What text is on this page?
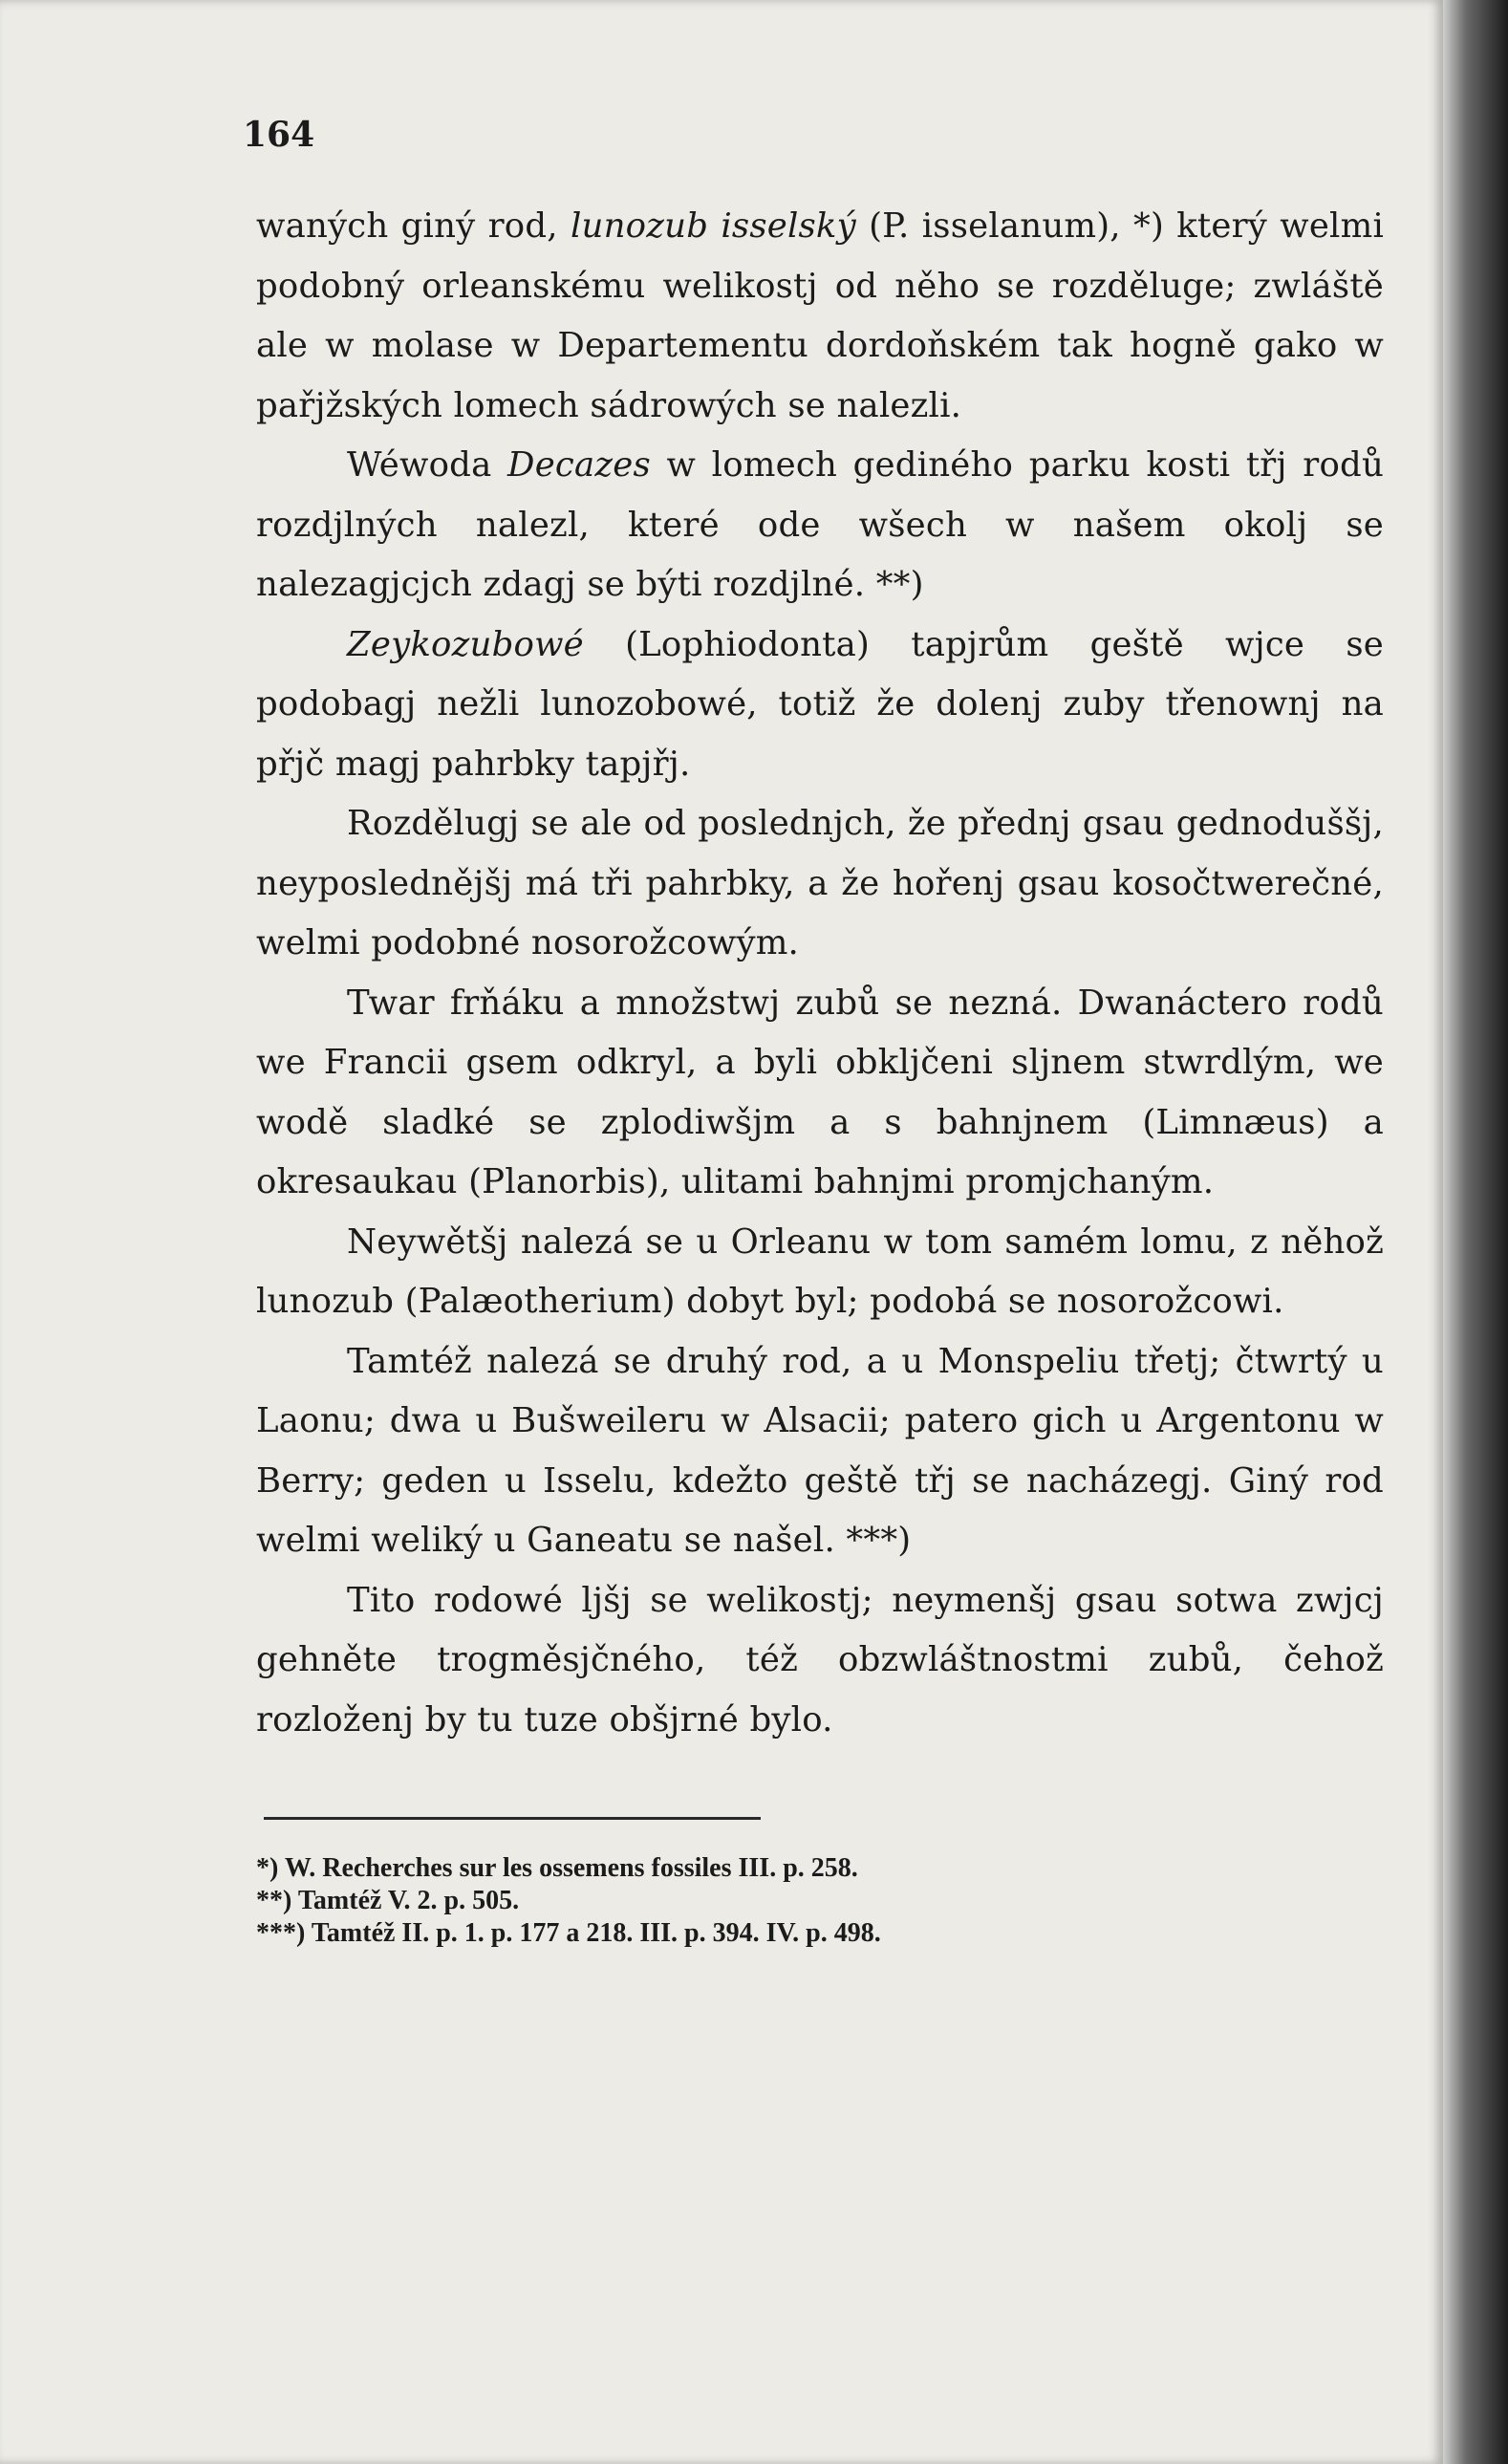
164

waných giný rod, lunozub isselský (P. isselanum), *) který welmi podobný orleanskému welikostj od něho se rozděluge; zwláště ale w molase w Departementu dordoňském tak hogně gako w pařjžských lomech sádrowých se nalezli.

Wéwoda Decazes w lomech gediného parku kosti třj rodů rozdjlných nalezl, které ode wšech w našem okolj se nalezagjcjch zdagj se býti rozdjlné. **)

Zeykozubowé (Lophiodonta) tapjrům geště wjce se podobagj nežli lunozobowé, totiž že dolenj zuby třenownj na přjč magj pahrbky tapjřj.

Rozdělugj se ale od poslednjch, že přednj gsau gednoduššj, neyposlednějšj má tři pahrbky, a že hořenj gsau kosočtwerečné, welmi podobné nosorožcowým.

Twar frňáku a množstwj zubů se nezná. Dwanáctero rodů we Francii gsem odkryl, a byli obkljčeni sljnem stwrdlým, we wodě sladké se zplodiwšjm a s bahnjnem (Limnæus) a okresaukau (Planorbis), ulitami bahnjmi promjchaným.

Neywětšj nalezá se u Orleanu w tom samém lomu, z něhož lunozub (Palæotherium) dobyt byl; podobá se nosorožcowi.

Tamtéž nalezá se druhý rod, a u Monspeliu třetj; čtwrtý u Laonu; dwa u Bušweileru w Alsacii; patero gich u Argentonu w Berry; geden u Isselu, kdežto geště třj se nacházegj. Giný rod welmi weliký u Ganeatu se našel. ***)

Tito rodowé ljšj se welikostj; neymenšj gsau sotwa zwjcj gehněte trogměsjčného, též obzwláštnostmi zubů, čehož rozloženj by tu tuze obšjrné bylo.

*) W. Recherches sur les ossemens fossiles III. p. 258.

**) Tamtéž V. 2. p. 505.

***) Tamtéž II. p. 1. p. 177 a 218. III. p. 394. IV. p. 498.
